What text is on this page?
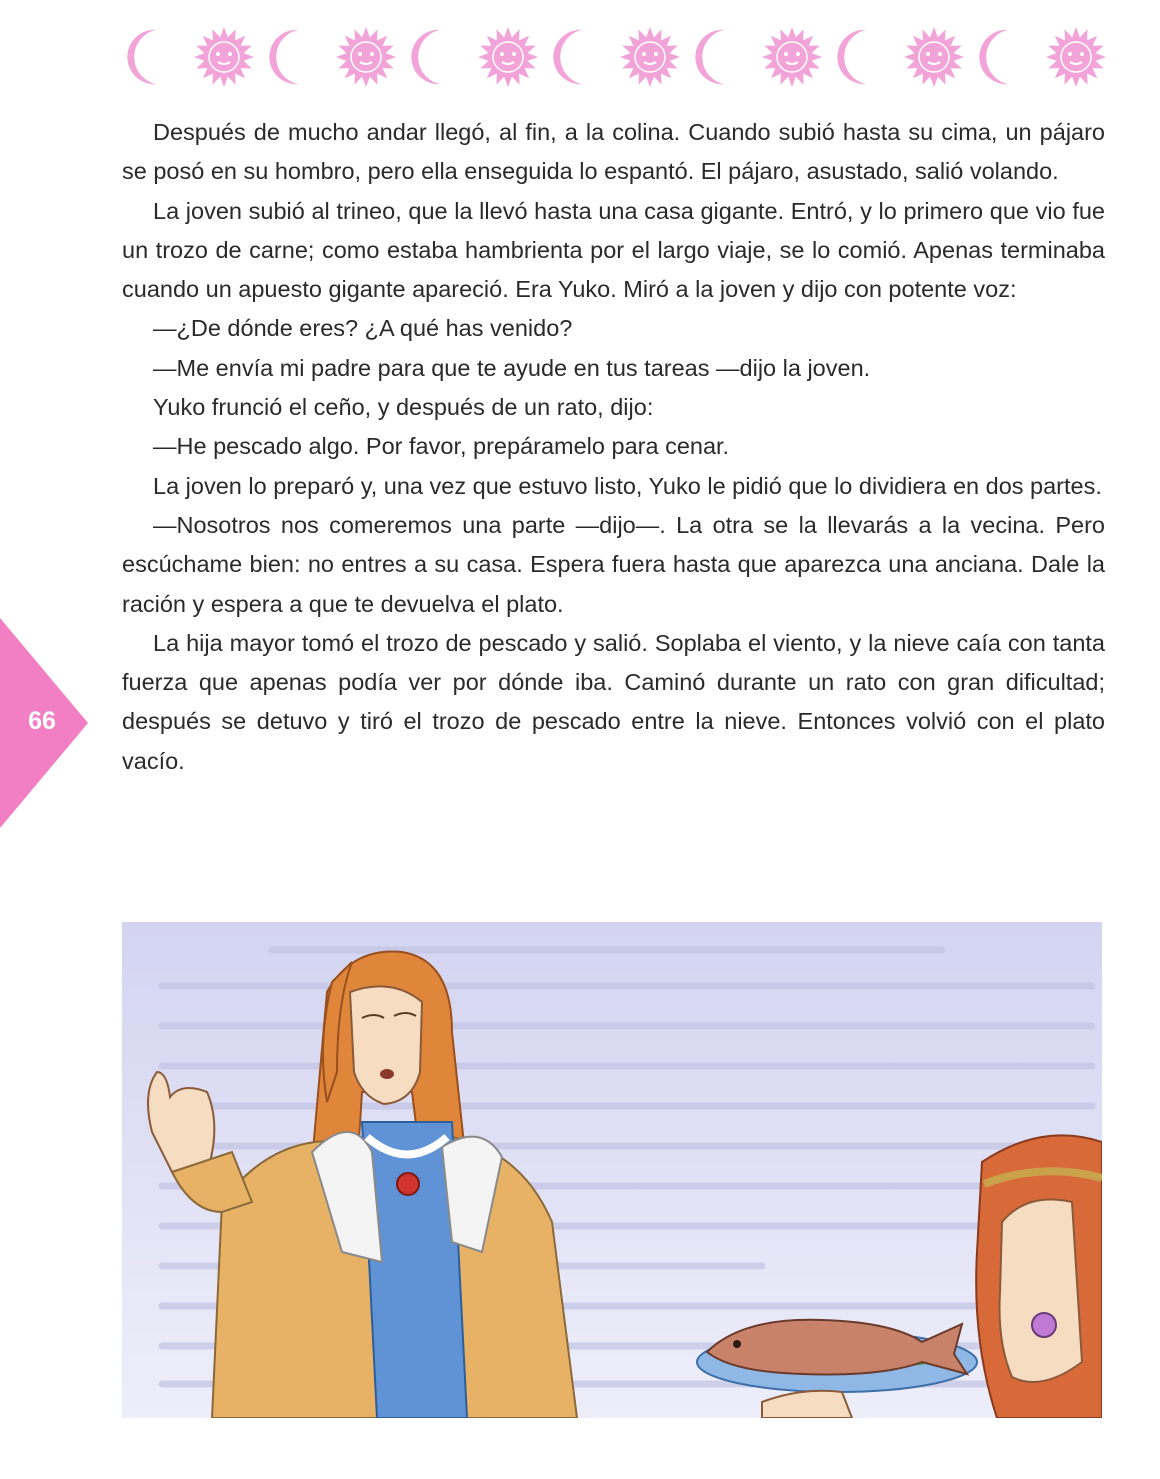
66

Después de mucho andar llegó, al fin, a la colina. Cuando subió hasta su cima, un pájaro se posó en su hombro, pero ella enseguida lo espantó. El pájaro, asustado, salió volando.

La joven subió al trineo, que la llevó hasta una casa gigante. Entró, y lo primero que vio fue un trozo de carne; como estaba hambrienta por el largo viaje, se lo comió. Apenas terminaba cuando un apuesto gigante apareció. Era Yuko. Miró a la joven y dijo con potente voz:

—¿De dónde eres? ¿A qué has venido?

—Me envía mi padre para que te ayude en tus tareas —dijo la joven.

Yuko frunció el ceño, y después de un rato, dijo:

—He pescado algo. Por favor, prepáramelo para cenar.

La joven lo preparó y, una vez que estuvo listo, Yuko le pidió que lo dividiera en dos partes.

—Nosotros nos comeremos una parte —dijo—. La otra se la llevarás a la vecina. Pero escúchame bien: no entres a su casa. Espera fuera hasta que aparezca una anciana. Dale la ración y espera a que te devuelva el plato.

La hija mayor tomó el trozo de pescado y salió. Soplaba el viento, y la nieve caía con tanta fuerza que apenas podía ver por dónde iba. Caminó durante un rato con gran dificultad; después se detuvo y tiró el trozo de pescado entre la nieve. Entonces volvió con el plato vacío.
